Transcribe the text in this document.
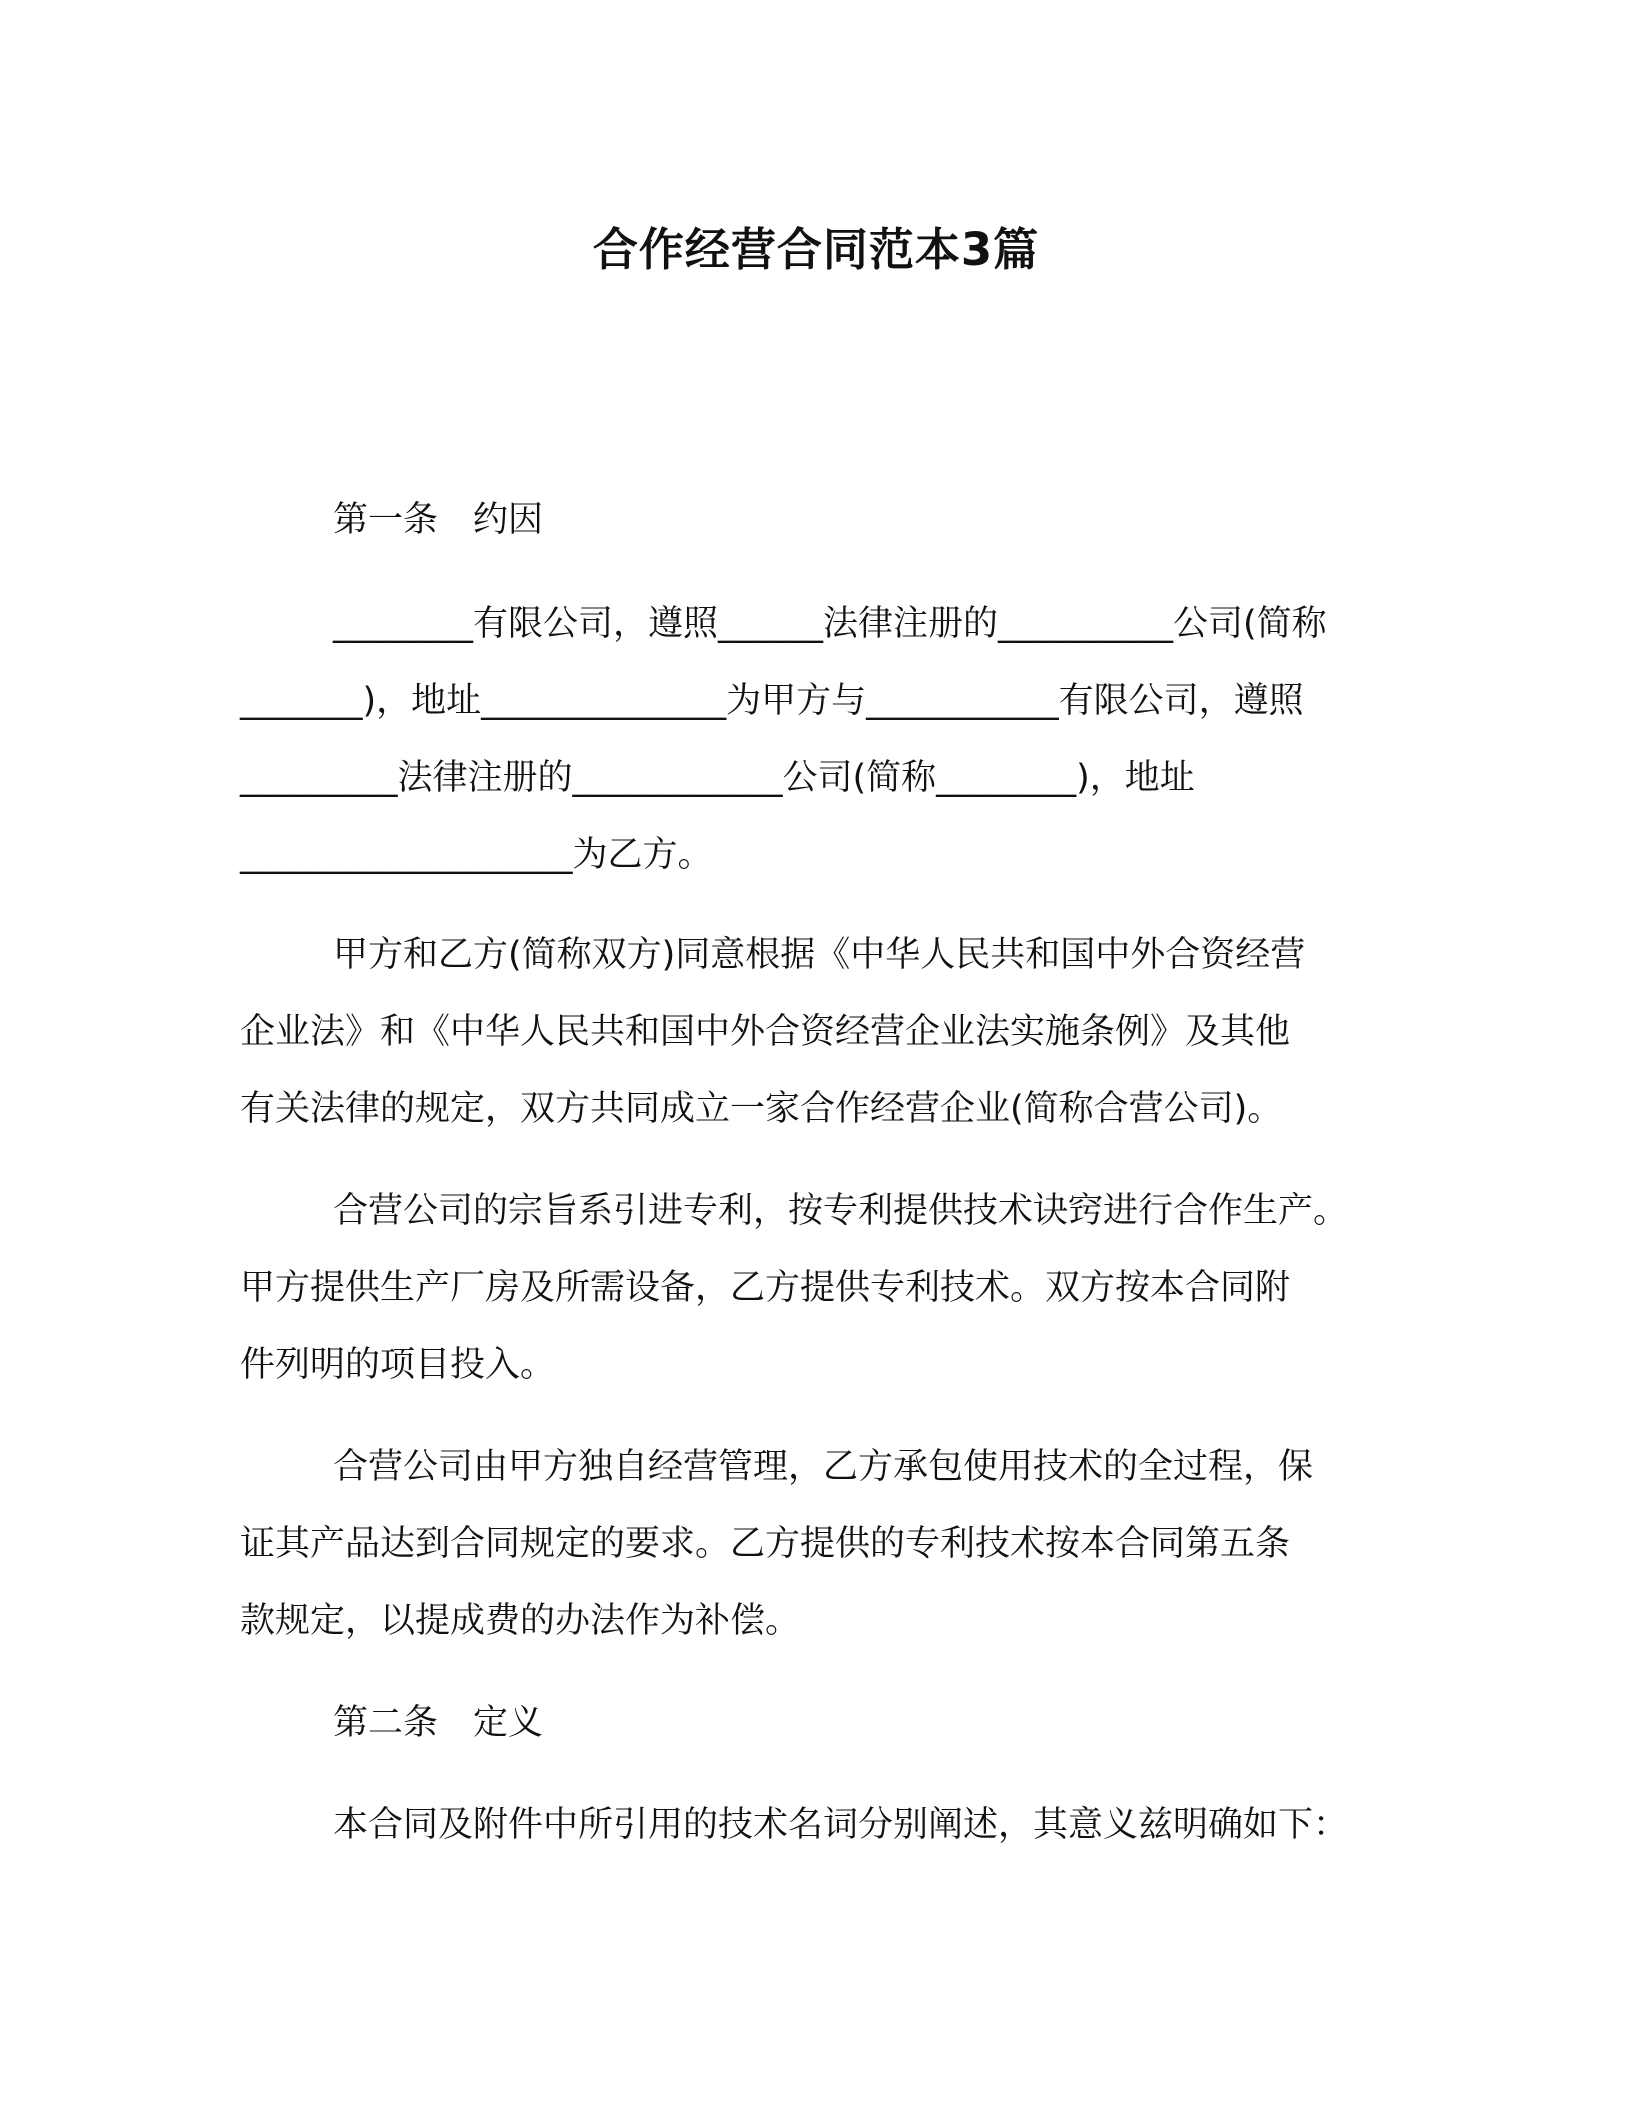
合作经营合同范本3篇
第一条　约因
________有限公司，遵照______法律注册的__________公司(简称
_______)，地址______________为甲方与___________有限公司，遵照
_________法律注册的____________公司(简称________)，地址
___________________为乙方。
甲方和乙方(简称双方)同意根据《中华人民共和国中外合资经营
企业法》和《中华人民共和国中外合资经营企业法实施条例》及其他
有关法律的规定，双方共同成立一家合作经营企业(简称合营公司)。
合营公司的宗旨系引进专利，按专利提供技术诀窍进行合作生产。
甲方提供生产厂房及所需设备，乙方提供专利技术。双方按本合同附
件列明的项目投入。
合营公司由甲方独自经营管理，乙方承包使用技术的全过程，保
证其产品达到合同规定的要求。乙方提供的专利技术按本合同第五条
款规定，以提成费的办法作为补偿。
第二条　定义
本合同及附件中所引用的技术名词分别阐述，其意义兹明确如下：
